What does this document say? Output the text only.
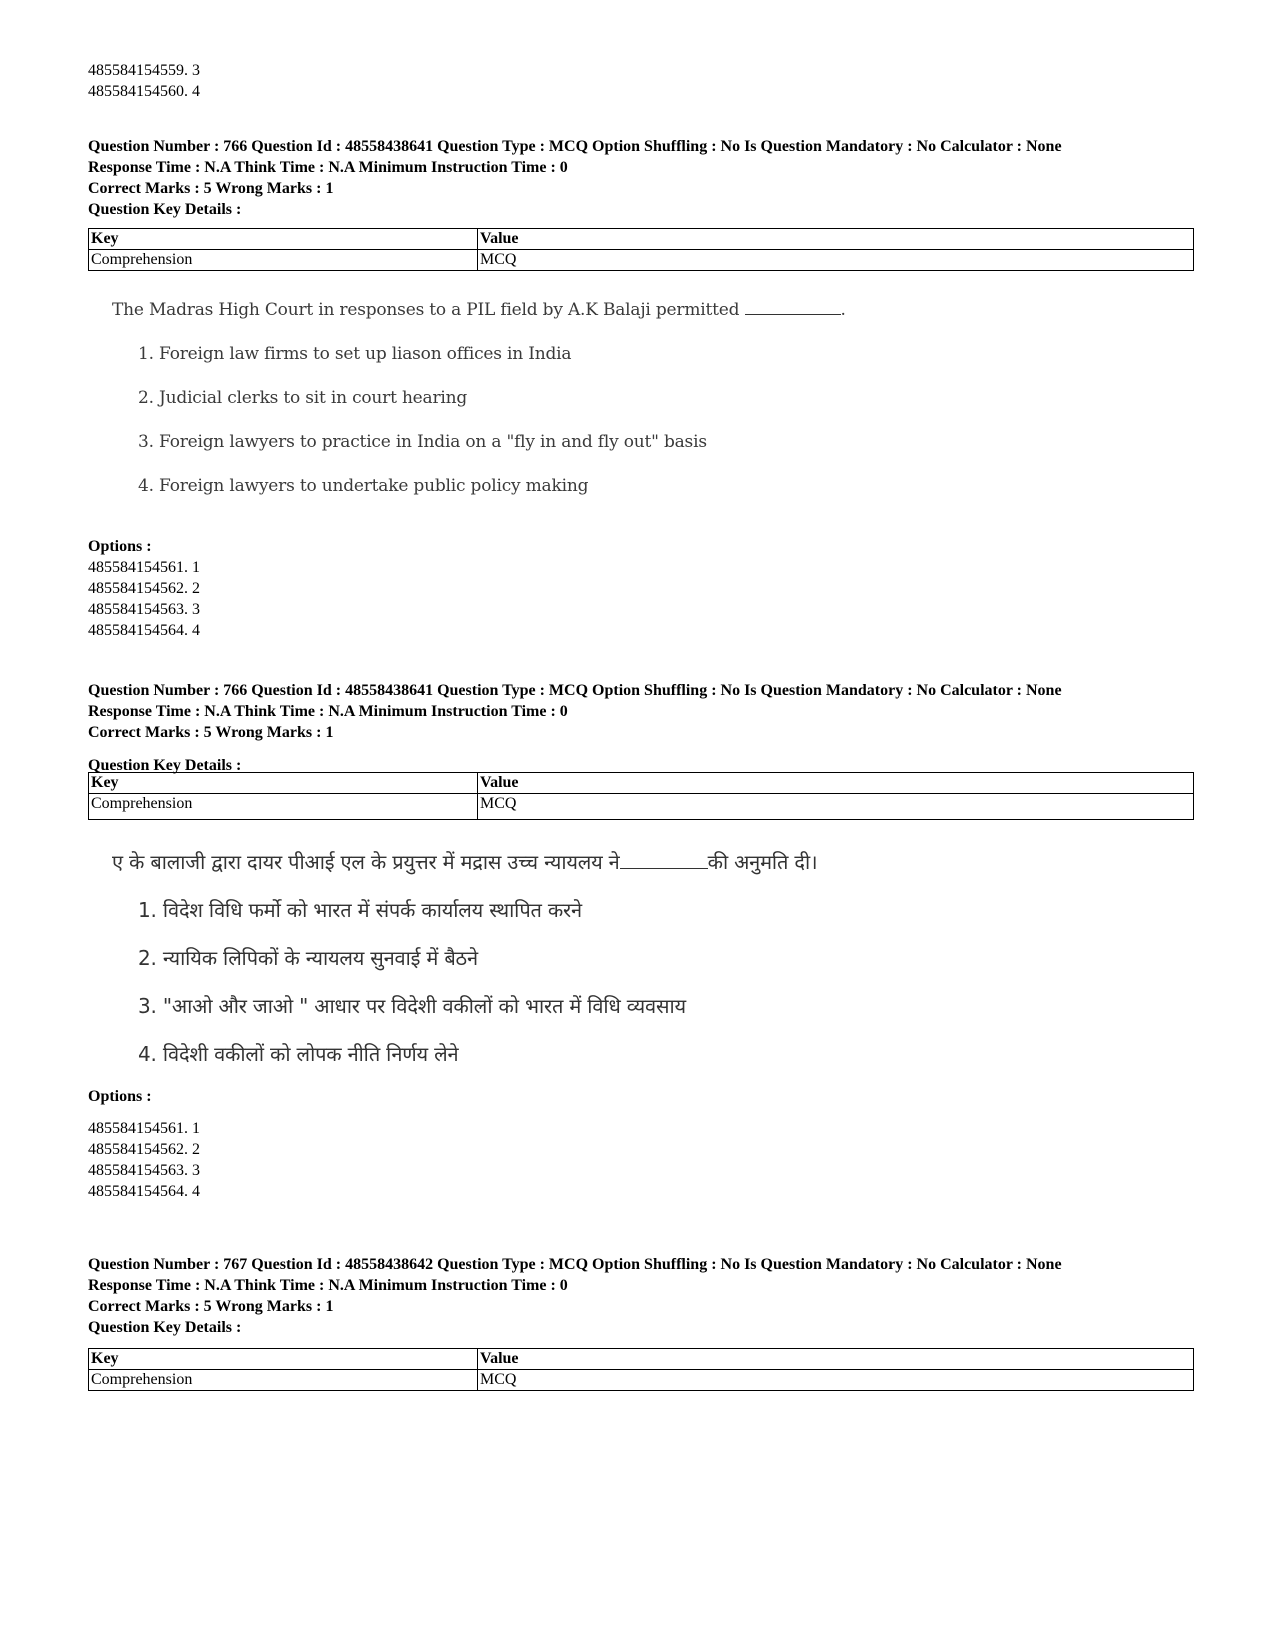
485584154559. 3
485584154560. 4
Question Number : 766 Question Id : 48558438641 Question Type : MCQ Option Shuffling : No Is Question Mandatory : No Calculator : None
Response Time : N.A Think Time : N.A Minimum Instruction Time : 0
Correct Marks : 5 Wrong Marks : 1
Question Key Details :
Key	Value
Comprehension	MCQ
The Madras High Court in responses to a PIL field by A.K Balaji permitted	.
1. Foreign law firms to set up liason offices in India
2. Judicial clerks to sit in court hearing
3. Foreign lawyers to practice in India on a "fly in and fly out" basis
4. Foreign lawyers to undertake public policy making
Options :
485584154561. 1
485584154562. 2
485584154563. 3
485584154564. 4
Question Number : 766 Question Id : 48558438641 Question Type : MCQ Option Shuffling : No Is Question Mandatory : No Calculator : None
Response Time : N.A Think Time : N.A Minimum Instruction Time : 0
Correct Marks : 5 Wrong Marks : 1
Question Key Details :
Key	Value
Comprehension	MCQ
ए के बालाजी द्वारा दायर पीआई एल के प्रयुत्तर में मद्रास उच्च न्यायलय ने	की अनुमति दी।
1. विदेश विधि फर्मो को भारत में संपर्क कार्यालय स्थापित करने
2. न्यायिक लिपिकों के न्यायलय सुनवाई में बैठने
3. "आओ और जाओ " आधार पर विदेशी वकीलों को भारत में विधि व्यवसाय
4. विदेशी वकीलों को लोपक नीति निर्णय लेने
Options :
485584154561. 1
485584154562. 2
485584154563. 3
485584154564. 4
Question Number : 767 Question Id : 48558438642 Question Type : MCQ Option Shuffling : No Is Question Mandatory : No Calculator : None
Response Time : N.A Think Time : N.A Minimum Instruction Time : 0
Correct Marks : 5 Wrong Marks : 1
Question Key Details :
Key	Value
Comprehension	MCQ
